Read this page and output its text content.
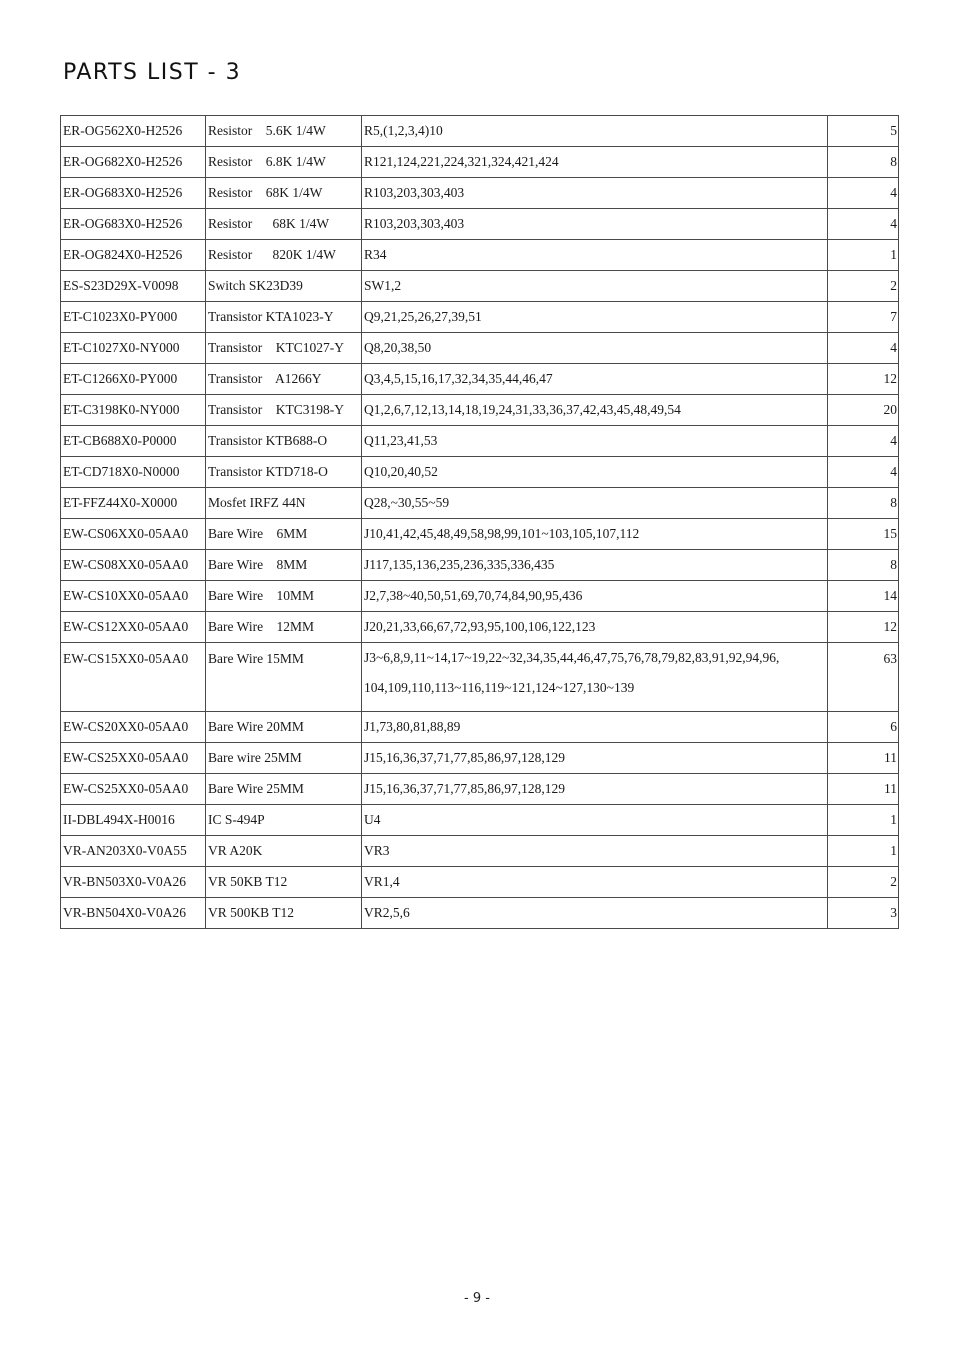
PARTS LIST - 3
ER-OG562X0-H2526	Resistor    5.6K 1/4W	R5,(1,2,3,4)10	5
ER-OG682X0-H2526	Resistor    6.8K 1/4W	R121,124,221,224,321,324,421,424	8
ER-OG683X0-H2526	Resistor    68K 1/4W	R103,203,303,403	4
ER-OG683X0-H2526	Resistor      68K 1/4W	R103,203,303,403	4
ER-OG824X0-H2526	Resistor      820K 1/4W	R34	1
ES-S23D29X-V0098	Switch SK23D39	SW1,2	2
ET-C1023X0-PY000	Transistor KTA1023-Y	Q9,21,25,26,27,39,51	7
ET-C1027X0-NY000	Transistor    KTC1027-Y	Q8,20,38,50	4
ET-C1266X0-PY000	Transistor    A1266Y	Q3,4,5,15,16,17,32,34,35,44,46,47	12
ET-C3198K0-NY000	Transistor    KTC3198-Y	Q1,2,6,7,12,13,14,18,19,24,31,33,36,37,42,43,45,48,49,54	20
ET-CB688X0-P0000	Transistor KTB688-O	Q11,23,41,53	4
ET-CD718X0-N0000	Transistor KTD718-O	Q10,20,40,52	4
ET-FFZ44X0-X0000	Mosfet IRFZ 44N	Q28,~30,55~59	8
EW-CS06XX0-05AA0	Bare Wire    6MM	J10,41,42,45,48,49,58,98,99,101~103,105,107,112	15
EW-CS08XX0-05AA0	Bare Wire    8MM	J117,135,136,235,236,335,336,435	8
EW-CS10XX0-05AA0	Bare Wire    10MM	J2,7,38~40,50,51,69,70,74,84,90,95,436	14
EW-CS12XX0-05AA0	Bare Wire    12MM	J20,21,33,66,67,72,93,95,100,106,122,123	12
EW-CS15XX0-05AA0	Bare Wire 15MM	J3~6,8,9,11~14,17~19,22~32,34,35,44,46,47,75,76,78,79,82,83,91,92,94,96,
104,109,110,113~116,119~121,124~127,130~139	63
EW-CS20XX0-05AA0	Bare Wire 20MM	J1,73,80,81,88,89	6
EW-CS25XX0-05AA0	Bare wire 25MM	J15,16,36,37,71,77,85,86,97,128,129	11
EW-CS25XX0-05AA0	Bare Wire 25MM	J15,16,36,37,71,77,85,86,97,128,129	11
II-DBL494X-H0016	IC S-494P	U4	1
VR-AN203X0-V0A55	VR A20K	VR3	1
VR-BN503X0-V0A26	VR 50KB T12	VR1,4	2
VR-BN504X0-V0A26	VR 500KB T12	VR2,5,6	3
- 9 -
